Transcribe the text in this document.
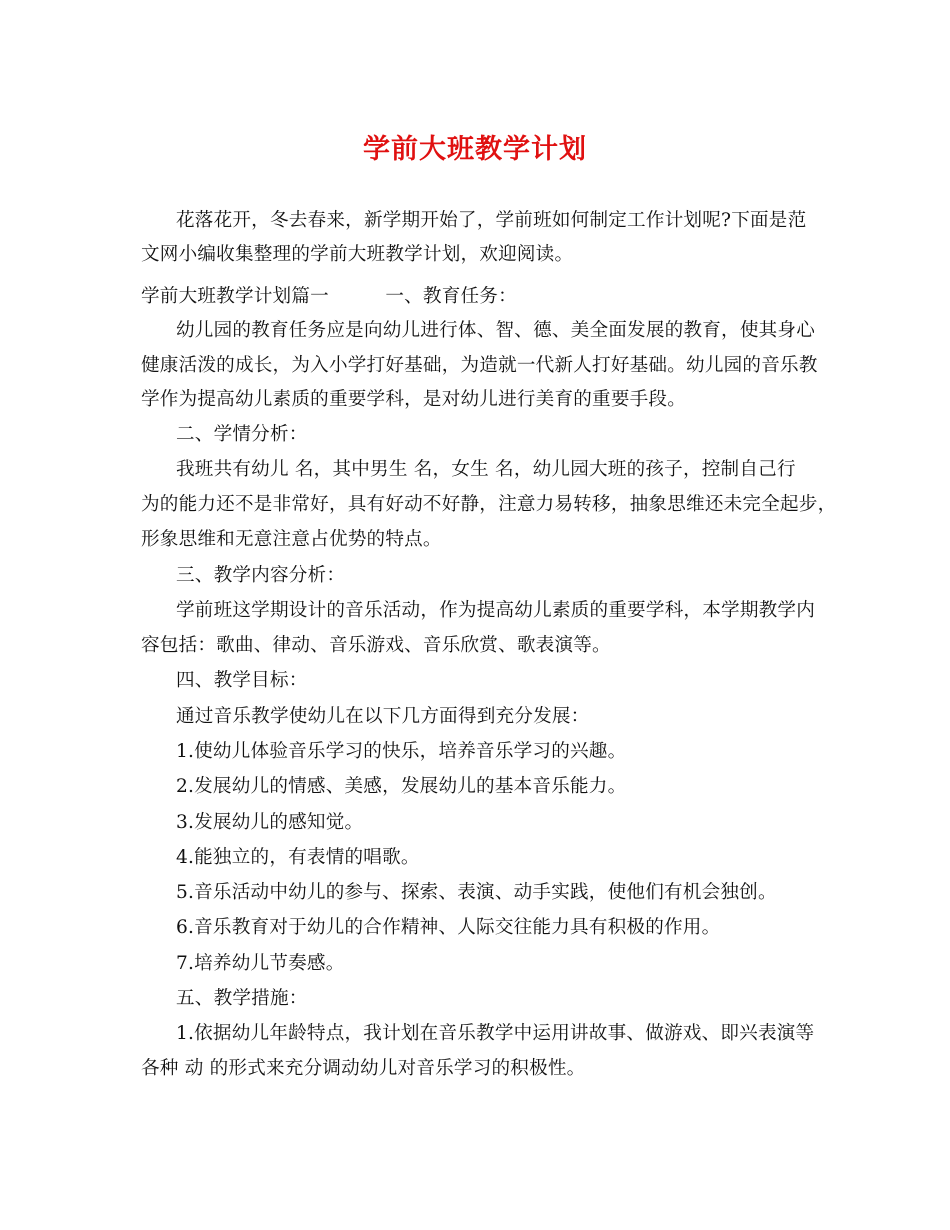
学前大班教学计划
花落花开，冬去春来，新学期开始了，学前班如何制定工作计划呢?下面是范
文网小编收集整理的学前大班教学计划，欢迎阅读。
学前大班教学计划篇一　　　一、教育任务：
幼儿园的教育任务应是向幼儿进行体、智、德、美全面发展的教育，使其身心
健康活泼的成长，为入小学打好基础，为造就一代新人打好基础。幼儿园的音乐教
学作为提高幼儿素质的重要学科，是对幼儿进行美育的重要手段。
二、学情分析：
我班共有幼儿 名，其中男生 名，女生 名，幼儿园大班的孩子，控制自己行
为的能力还不是非常好，具有好动不好静，注意力易转移，抽象思维还未完全起步，
形象思维和无意注意占优势的特点。
三、教学内容分析：
学前班这学期设计的音乐活动，作为提高幼儿素质的重要学科，本学期教学内
容包括：歌曲、律动、音乐游戏、音乐欣赏、歌表演等。
四、教学目标：
通过音乐教学使幼儿在以下几方面得到充分发展：
1.使幼儿体验音乐学习的快乐，培养音乐学习的兴趣。
2.发展幼儿的情感、美感，发展幼儿的基本音乐能力。
3.发展幼儿的感知觉。
4.能独立的，有表情的唱歌。
5.音乐活动中幼儿的参与、探索、表演、动手实践，使他们有机会独创。
6.音乐教育对于幼儿的合作精神、人际交往能力具有积极的作用。
7.培养幼儿节奏感。
五、教学措施：
1.依据幼儿年龄特点，我计划在音乐教学中运用讲故事、做游戏、即兴表演等
各种 动 的形式来充分调动幼儿对音乐学习的积极性。
